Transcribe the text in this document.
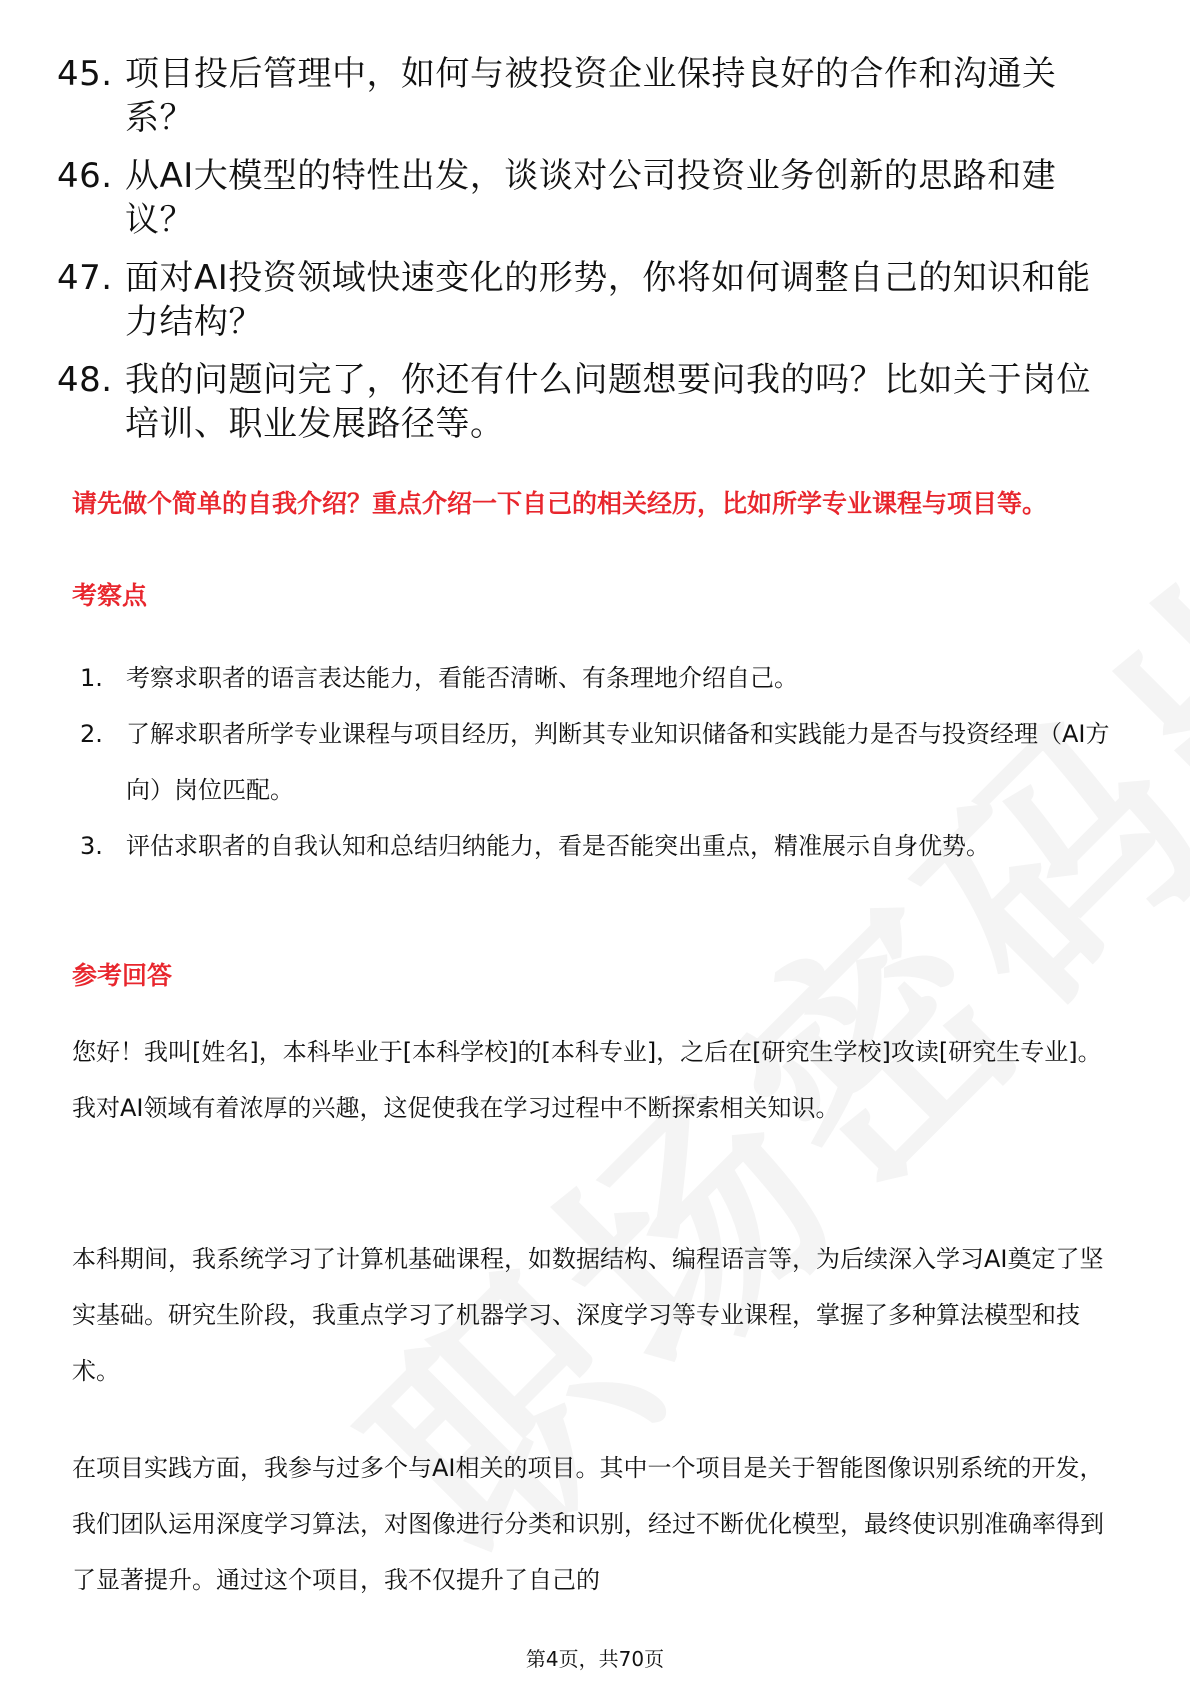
45. 项目投后管理中，如何与被投资企业保持良好的合作和沟通关系？
46. 从AI大模型的特性出发，谈谈对公司投资业务创新的思路和建议？
47. 面对AI投资领域快速变化的形势，你将如何调整自己的知识和能力结构？
48. 我的问题问完了，你还有什么问题想要问我的吗？比如关于岗位培训、职业发展路径等。

请先做个简单的自我介绍？重点介绍一下自己的相关经历，比如所学专业课程与项目等。

考察点
1. 考察求职者的语言表达能力，看能否清晰、有条理地介绍自己。
2. 了解求职者所学专业课程与项目经历，判断其专业知识储备和实践能力是否与投资经理（AI方向）岗位匹配。
3. 评估求职者的自我认知和总结归纳能力，看是否能突出重点，精准展示自身优势。
参考回答

您好！我叫[姓名]，本科毕业于[本科学校]的[本科专业]，之后在[研究生学校]攻读[研究生专业]。我对AI领域有着浓厚的兴趣，这促使我在学习过程中不断探索相关知识。

本科期间，我系统学习了计算机基础课程，如数据结构、编程语言等，为后续深入学习AI奠定了坚实基础。研究生阶段，我重点学习了机器学习、深度学习等专业课程，掌握了多种算法模型和技术。

在项目实践方面，我参与过多个与AI相关的项目。其中一个项目是关于智能图像识别系统的开发，我们团队运用深度学习算法，对图像进行分类和识别，经过不断优化模型，最终使识别准确率得到了显著提升。通过这个项目，我不仅提升了自己的

第4页，共70页
